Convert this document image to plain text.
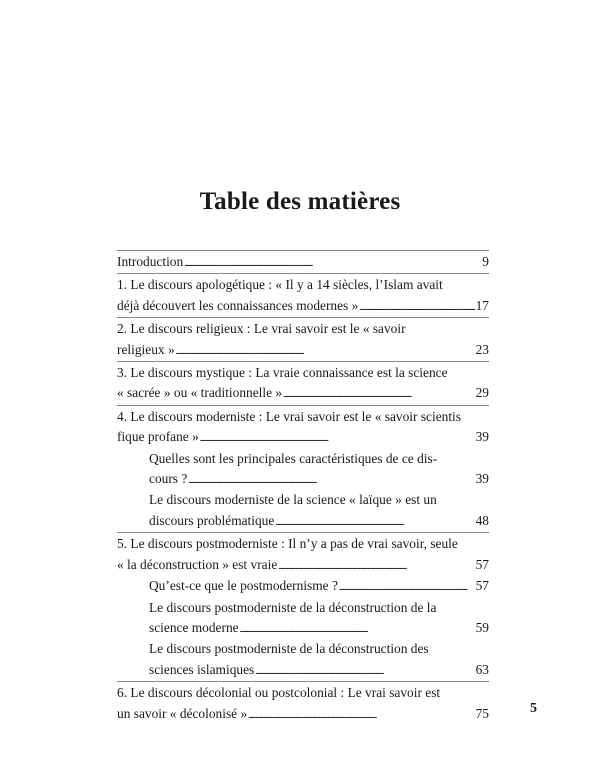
Table des matières
Introduction . . .	9
1. Le discours apologétique : « Il y a 14 siècles, l’Islam avait
déjà découvert les connaissances modernes » . . .	17
2. Le discours religieux : Le vrai savoir est le « savoir
religieux » . . .	23
3. Le discours mystique : La vraie connaissance est la science
« sacrée » ou « traditionnelle » . . .	29
4. Le discours moderniste : Le vrai savoir est le « savoir scientis
fique profane » . . .	39
Quelles sont les principales caractéristiques de ce dis-
cours ? . . .	39
Le discours moderniste de la science « laïque » est un
discours problématique . . .	48
5. Le discours postmoderniste : Il n’y a pas de vrai savoir, seule
« la déconstruction » est vraie . . .	57
Qu’est-ce que le postmodernisme ? . . .	57
Le discours postmoderniste de la déconstruction de la
science moderne . . .	59
Le discours postmoderniste de la déconstruction des
sciences islamiques . . .	63
6. Le discours décolonial ou postcolonial : Le vrai savoir est
un savoir « décolonisé » . . .	75	5
